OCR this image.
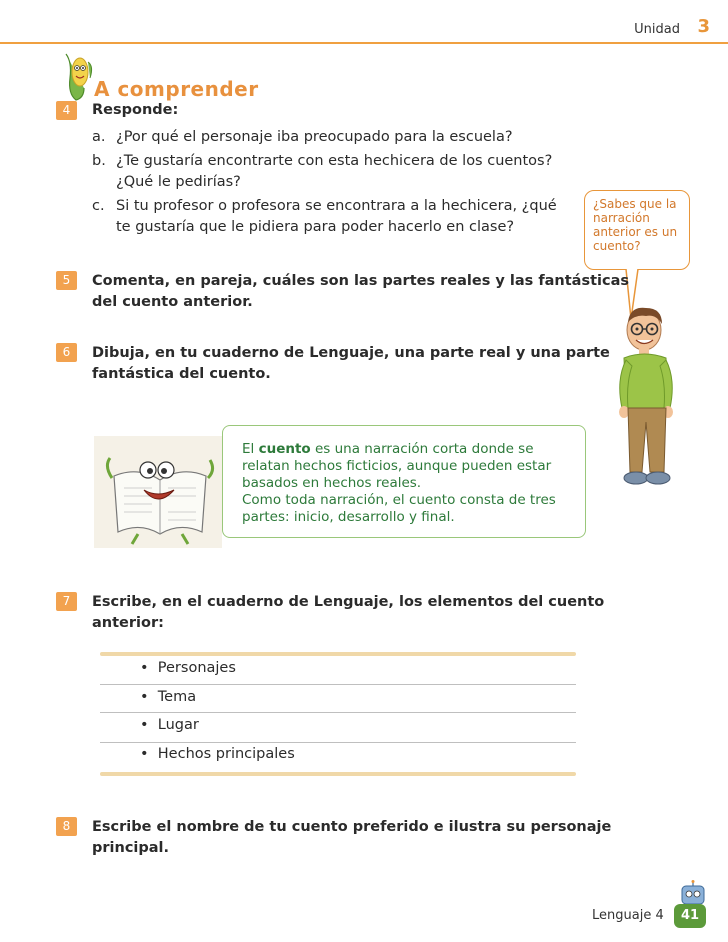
Unidad 3
A comprender
4	Responde:
a. ¿Por qué el personaje iba preocupado para la escuela?
b. ¿Te gustaría encontrarte con esta hechicera de los cuentos?
¿Qué le pedirías?
c. Si tu profesor o profesora se encontrara a la hechicera, ¿qué
te gustaría que le pidiera para poder hacerlo en clase?
¿Sabes que la
narración
anterior es un
cuento?
5	Comenta, en pareja, cuáles son las partes reales y las fantásticas
del cuento anterior.
6	Dibuja, en tu cuaderno de Lenguaje, una parte real y una parte
fantástica del cuento.
El cuento es una narración corta donde se
relatan hechos ficticios, aunque pueden estar
basados en hechos reales.
Como toda narración, el cuento consta de tres
partes: inicio, desarrollo y final.
7	Escribe, en el cuaderno de Lenguaje, los elementos del cuento
anterior:
•  Personajes
•  Tema
•  Lugar
•  Hechos principales
8	Escribe el nombre de tu cuento preferido e ilustra su personaje
principal.
Lenguaje 4	41
